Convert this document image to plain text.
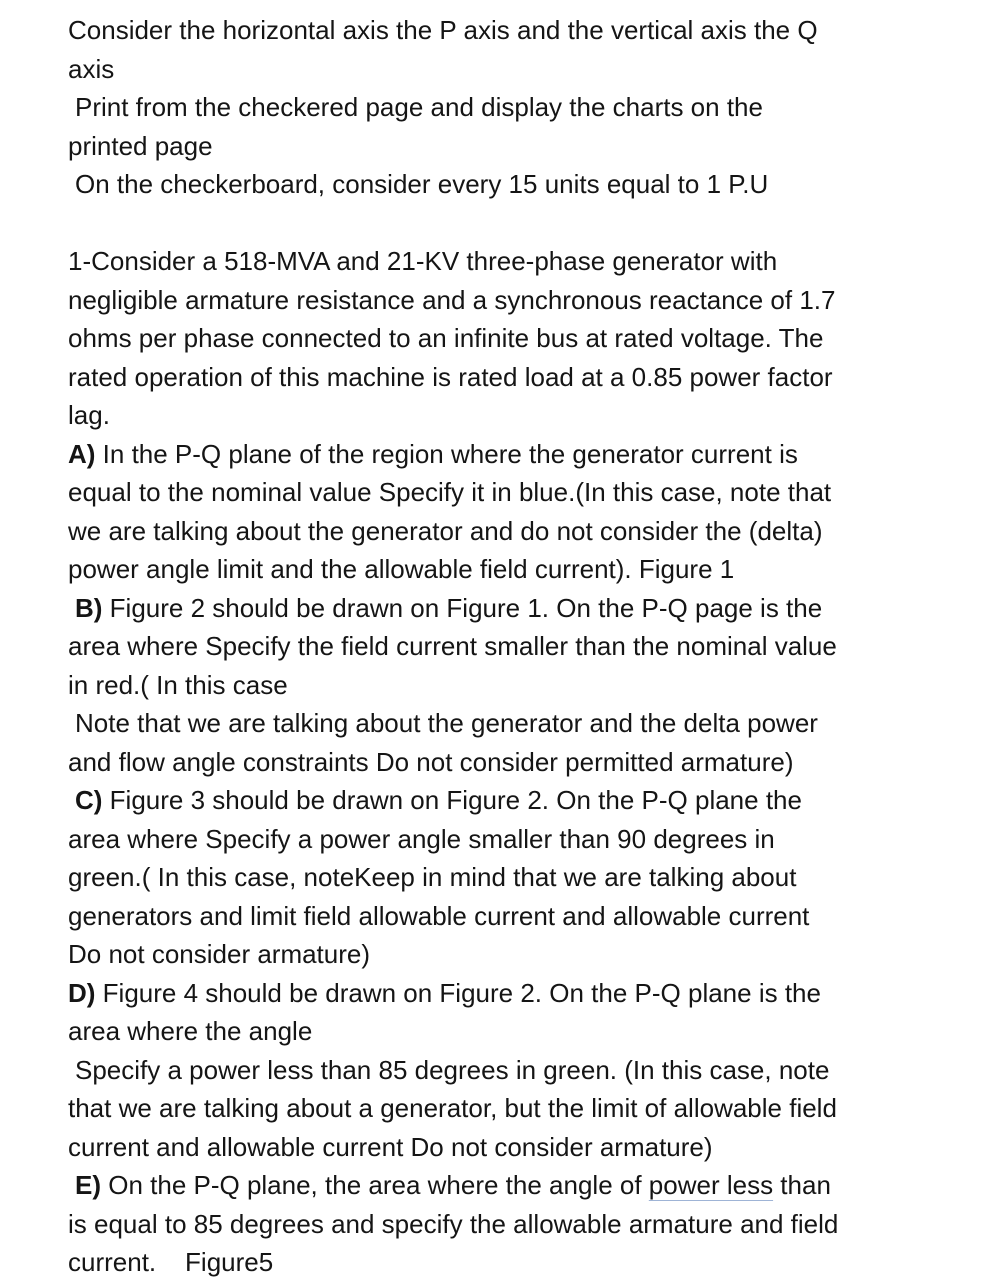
Consider the horizontal axis the P axis and the vertical axis the Q
axis
Print from the checkered page and display the charts on the
printed page
On the checkerboard, consider every 15 units equal to 1 P.U
1-Consider a 518-MVA and 21-KV three-phase generator with
negligible armature resistance and a synchronous reactance of 1.7
ohms per phase connected to an infinite bus at rated voltage. The
rated operation of this machine is rated load at a 0.85 power factor
lag.
A) In the P-Q plane of the region where the generator current is
equal to the nominal value Specify it in blue.(In this case, note that
we are talking about the generator and do not consider the (delta)
power angle limit and the allowable field current). Figure 1
B) Figure 2 should be drawn on Figure 1. On the P-Q page is the
area where Specify the field current smaller than the nominal value
in red.( In this case
Note that we are talking about the generator and the delta power
and flow angle constraints Do not consider permitted armature)
C) Figure 3 should be drawn on Figure 2. On the P-Q plane the
area where Specify a power angle smaller than 90 degrees in
green.( In this case, noteKeep in mind that we are talking about
generators and limit field allowable current and allowable current
Do not consider armature)
D) Figure 4 should be drawn on Figure 2. On the P-Q plane is the
area where the angle
Specify a power less than 85 degrees in green. (In this case, note
that we are talking about a generator, but the limit of allowable field
current and allowable current Do not consider armature)
E) On the P-Q plane, the area where the angle of power less than
is equal to 85 degrees and specify the allowable armature and field
current.    Figure5
